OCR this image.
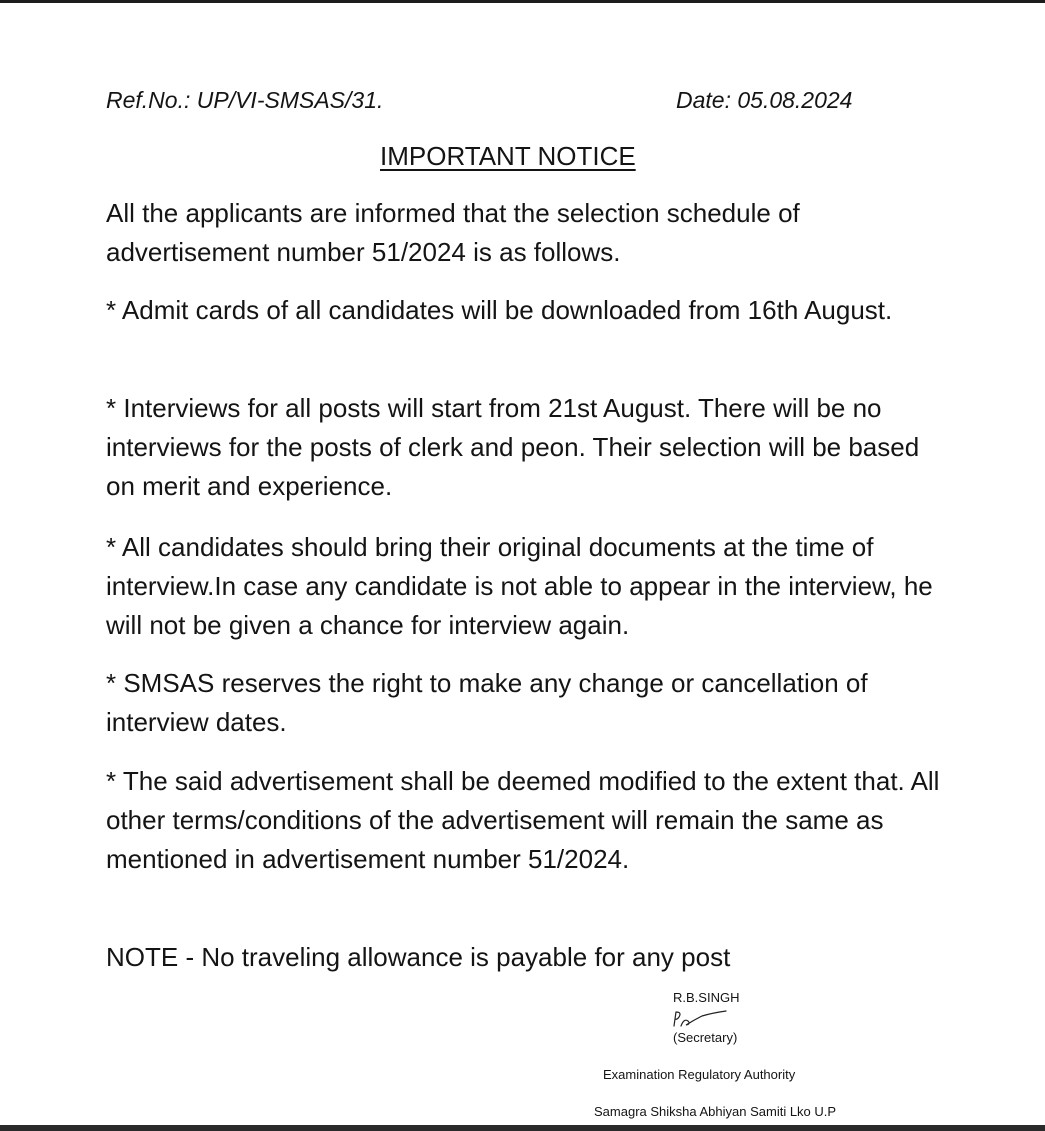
Ref.No.: UP/VI-SMSAS/31.	Date: 05.08.2024
IMPORTANT NOTICE

All the applicants are informed that the selection schedule of advertisement number 51/2024 is as follows.

* Admit cards of all candidates will be downloaded from 16th August.

* Interviews for all posts will start from 21st August. There will be no interviews for the posts of clerk and peon. Their selection will be based on merit and experience.

* All candidates should bring their original documents at the time of interview.In case any candidate is not able to appear in the interview, he will not be given a chance for interview again.

* SMSAS reserves the right to make any change or cancellation of interview dates.

* The said advertisement shall be deemed modified to the extent that. All other terms/conditions of the advertisement will remain the same as mentioned in advertisement number 51/2024.

NOTE - No traveling allowance is payable for any post

R.B.SINGH
(Secretary)
Examination Regulatory Authority
Samagra Shiksha Abhiyan Samiti Lko U.P
